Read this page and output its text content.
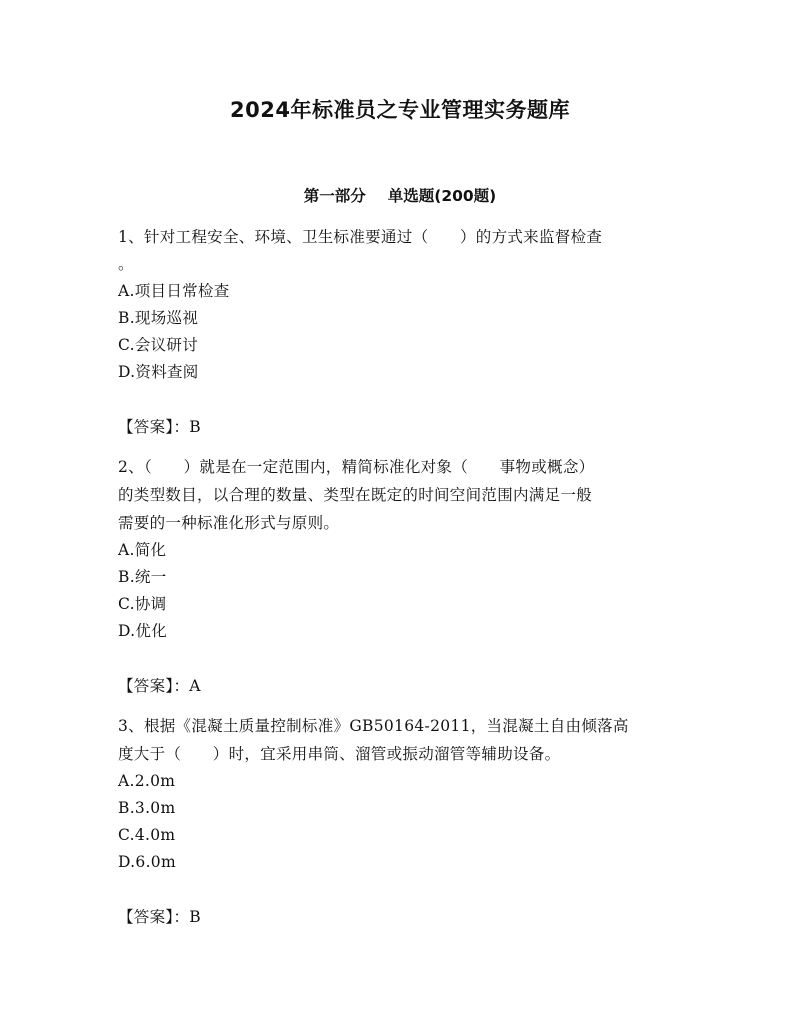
2024年标准员之专业管理实务题库
第一部分 单选题(200题)
1、针对工程安全、环境、卫生标准要通过（　　）的方式来监督检查
。
A.项目日常检查
B.现场巡视
C.会议研讨
D.资料查阅
【答案】：B
2、（　　）就是在一定范围内，精简标准化对象（　　事物或概念）
的类型数目，以合理的数量、类型在既定的时间空间范围内满足一般
需要的一种标准化形式与原则。
A.简化
B.统一
C.协调
D.优化
【答案】：A
3、根据《混凝土质量控制标准》GB50164-2011，当混凝土自由倾落高
度大于（　　）时，宜采用串筒、溜管或振动溜管等辅助设备。
A.2.0m
B.3.0m
C.4.0m
D.6.0m
【答案】：B
